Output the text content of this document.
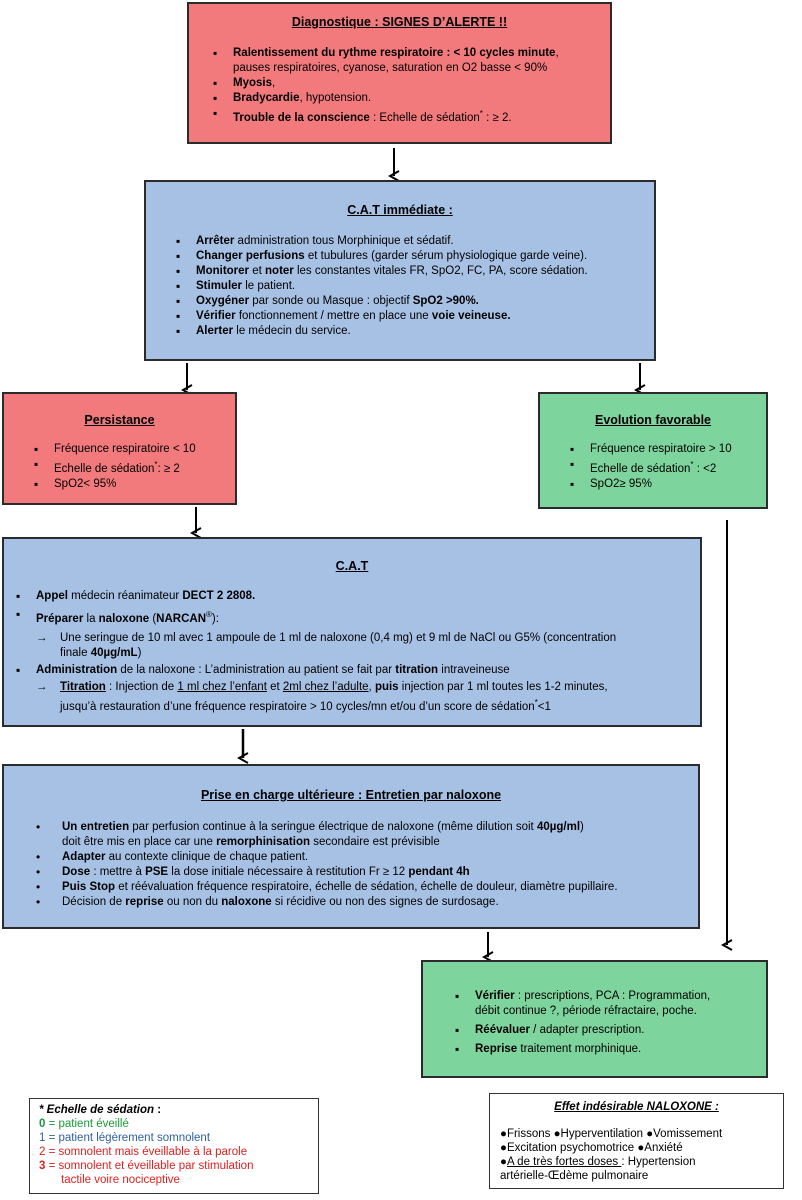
Diagnostique : SIGNES D’ALERTE !!
▪ Ralentissement du rythme respiratoire : < 10 cycles minute,
pauses respiratoires, cyanose, saturation en O2 basse < 90%
▪ Myosis,
▪ Bradycardie, hypotension.
▪ Trouble de la conscience : Echelle de sédation* : ≥ 2.
C.A.T immédiate :
▪ Arrêter administration tous Morphinique et sédatif.
▪ Changer perfusions et tubulures (garder sérum physiologique garde veine).
▪ Monitorer et noter les constantes vitales FR, SpO2, FC, PA, score sédation.
▪ Stimuler le patient.
▪ Oxygéner par sonde ou Masque : objectif SpO2 >90%.
▪ Vérifier fonctionnement / mettre en place une voie veineuse.
▪ Alerter le médecin du service.
Persistance
▪ Fréquence respiratoire < 10
▪ Echelle de sédation*: ≥ 2
▪ SpO2< 95%
Evolution favorable
▪ Fréquence respiratoire > 10
▪ Echelle de sédation* : <2
▪ SpO2≥ 95%
C.A.T
▪ Appel médecin réanimateur DECT 2 2808.
▪ Préparer la naloxone (NARCAN®):
→ Une seringue de 10 ml avec 1 ampoule de 1 ml de naloxone (0,4 mg) et 9 ml de NaCl ou G5% (concentration
finale 40µg/mL)
▪ Administration de la naloxone : L’administration au patient se fait par titration intraveineuse
→ Titration : Injection de 1 ml chez l’enfant et 2ml chez l’adulte, puis injection par 1 ml toutes les 1-2 minutes,
jusqu’à restauration d’une fréquence respiratoire > 10 cycles/mn et/ou d’un score de sédation*<1
Prise en charge ultérieure : Entretien par naloxone
• Un entretien par perfusion continue à la seringue électrique de naloxone (même dilution soit 40µg/ml)
doit être mis en place car une remorphinisation secondaire est prévisible
• Adapter au contexte clinique de chaque patient.
• Dose : mettre à PSE la dose initiale nécessaire à restitution Fr ≥ 12 pendant 4h
• Puis Stop et réévaluation fréquence respiratoire, échelle de sédation, échelle de douleur, diamètre pupillaire.
• Décision de reprise ou non du naloxone si récidive ou non des signes de surdosage.
▪ Vérifier : prescriptions, PCA : Programmation,
débit continue ?, période réfractaire, poche.
▪ Réévaluer / adapter prescription.
▪ Reprise traitement morphinique.
* Echelle de sédation :
0 = patient éveillé
1 = patient légèrement somnolent
2 = somnolent mais éveillable à la parole
3 = somnolent et éveillable par stimulation
tactile voire nociceptive
Effet indésirable NALOXONE :
●Frissons ●Hyperventilation ●Vomissement
●Excitation psychomotrice ●Anxiété
●A de très fortes doses : Hypertension
artérielle-Œdème pulmonaire
